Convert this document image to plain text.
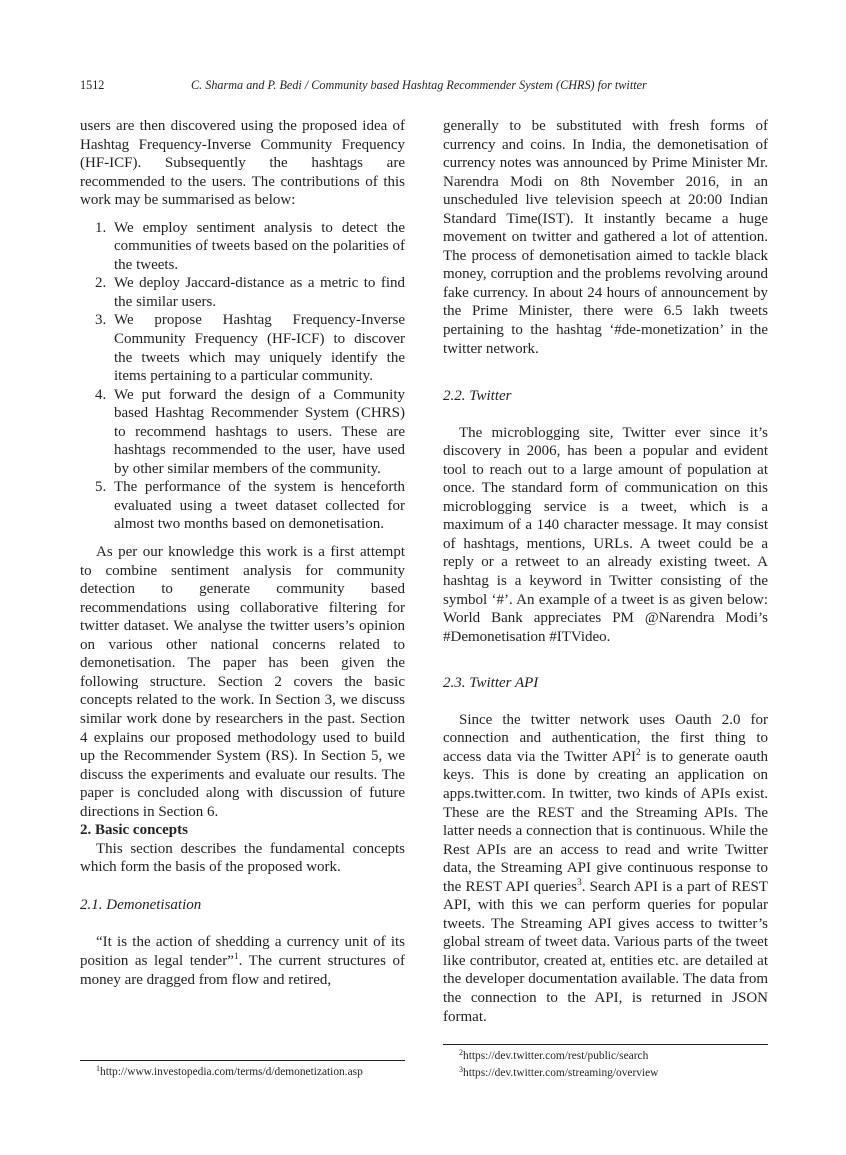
1512	C. Sharma and P. Bedi / Community based Hashtag Recommender System (CHRS) for twitter

users are then discovered using the proposed idea of Hashtag Frequency-Inverse Community Frequency (HF-ICF). Subsequently the hashtags are recommended to the users. The contributions of this work may be summarised as below:

1. We employ sentiment analysis to detect the communities of tweets based on the polarities of the tweets.
2. We deploy Jaccard-distance as a metric to find the similar users.
3. We propose Hashtag Frequency-Inverse Community Frequency (HF-ICF) to discover the tweets which may uniquely identify the items pertaining to a particular community.
4. We put forward the design of a Community based Hashtag Recommender System (CHRS) to recommend hashtags to users. These are hashtags recommended to the user, have used by other similar members of the community.
5. The performance of the system is henceforth evaluated using a tweet dataset collected for almost two months based on demonetisation.

As per our knowledge this work is a first attempt to combine sentiment analysis for community detection to generate community based recommendations using collaborative filtering for twitter dataset. We analyse the twitter users’s opinion on various other national concerns related to demonetisation. The paper has been given the following structure. Section 2 covers the basic concepts related to the work. In Section 3, we discuss similar work done by researchers in the past. Section 4 explains our proposed methodology used to build up the Recommender System (RS). In Section 5, we discuss the experiments and evaluate our results. The paper is concluded along with discussion of future directions in Section 6.

2. Basic concepts

This section describes the fundamental concepts which form the basis of the proposed work.

2.1. Demonetisation

“It is the action of shedding a currency unit of its position as legal tender”$^1$. The current structures of money are dragged from flow and retired,

generally to be substituted with fresh forms of currency and coins. In India, the demonetisation of currency notes was announced by Prime Minister Mr. Narendra Modi on 8th November 2016, in an unscheduled live television speech at 20:00 Indian Standard Time(IST). It instantly became a huge movement on twitter and gathered a lot of attention. The process of demonetisation aimed to tackle black money, corruption and the problems revolving around fake currency. In about 24 hours of announcement by the Prime Minister, there were 6.5 lakh tweets pertaining to the hashtag ‘#de-monetization’ in the twitter network.

2.2. Twitter

The microblogging site, Twitter ever since it’s discovery in 2006, has been a popular and evident tool to reach out to a large amount of population at once. The standard form of communication on this microblogging service is a tweet, which is a maximum of a 140 character message. It may consist of hashtags, mentions, URLs. A tweet could be a reply or a retweet to an already existing tweet. A hashtag is a keyword in Twitter consisting of the symbol ‘#’. An example of a tweet is as given below: World Bank appreciates PM @Narendra Modi’s #Demonetisation #ITVideo.

2.3. Twitter API

Since the twitter network uses Oauth 2.0 for connection and authentication, the first thing to access data via the Twitter API$^2$ is to generate oauth keys. This is done by creating an application on apps.twitter.com. In twitter, two kinds of APIs exist. These are the REST and the Streaming APIs. The latter needs a connection that is continuous. While the Rest APIs are an access to read and write Twitter data, the Streaming API give continuous response to the REST API queries$^3$. Search API is a part of REST API, with this we can perform queries for popular tweets. The Streaming API gives access to twitter’s global stream of tweet data. Various parts of the tweet like contributor, created at, entities etc. are detailed at the developer documentation available. The data from the connection to the API, is returned in JSON format.

$^1$http://www.investopedia.com/terms/d/demonetization.asp

$^2$https://dev.twitter.com/rest/public/search

$^3$https://dev.twitter.com/streaming/overview
